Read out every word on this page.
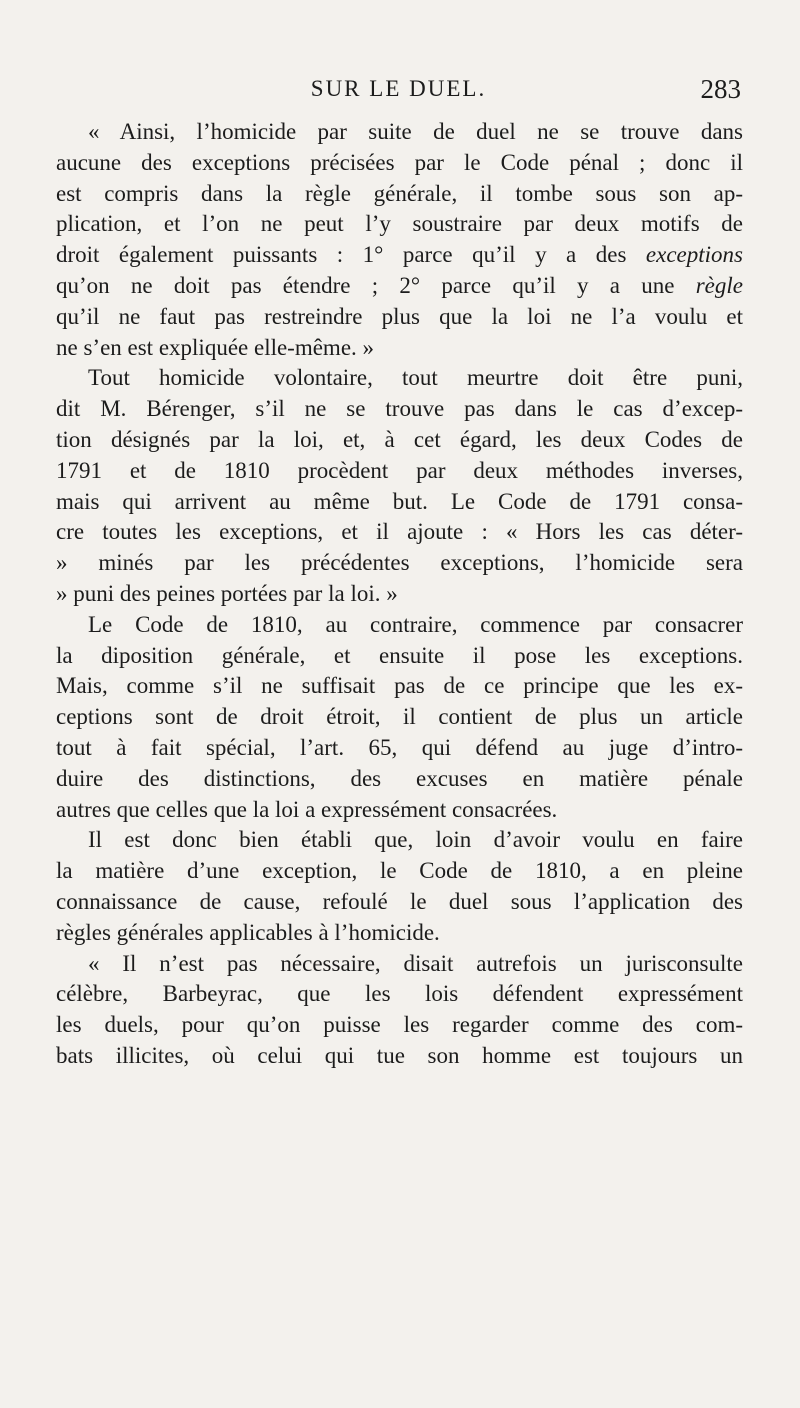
SUR LE DUEL.	283
« Ainsi, l’homicide par suite de duel ne se trouve dans
aucune des exceptions précisées par le Code pénal ; donc il
est compris dans la règle générale, il tombe sous son ap-
plication, et l’on ne peut l’y soustraire par deux motifs de
droit également puissants : 1° parce qu’il y a des exceptions
qu’on ne doit pas étendre ; 2° parce qu’il y a une règle
qu’il ne faut pas restreindre plus que la loi ne l’a voulu et
ne s’en est expliquée elle-même. »
Tout homicide volontaire, tout meurtre doit être puni,
dit M. Bérenger, s’il ne se trouve pas dans le cas d’excep-
tion désignés par la loi, et, à cet égard, les deux Codes de
1791 et de 1810 procèdent par deux méthodes inverses,
mais qui arrivent au même but. Le Code de 1791 consa-
cre toutes les exceptions, et il ajoute : « Hors les cas déter-
» minés par les précédentes exceptions, l’homicide sera
» puni des peines portées par la loi. »
Le Code de 1810, au contraire, commence par consacrer
la diposition générale, et ensuite il pose les exceptions.
Mais, comme s’il ne suffisait pas de ce principe que les ex-
ceptions sont de droit étroit, il contient de plus un article
tout à fait spécial, l’art. 65, qui défend au juge d’intro-
duire des distinctions, des excuses en matière pénale
autres que celles que la loi a expressément consacrées.
Il est donc bien établi que, loin d’avoir voulu en faire
la matière d’une exception, le Code de 1810, a en pleine
connaissance de cause, refoulé le duel sous l’application des
règles générales applicables à l’homicide.
« Il n’est pas nécessaire, disait autrefois un jurisconsulte
célèbre, Barbeyrac, que les lois défendent expressément
les duels, pour qu’on puisse les regarder comme des com-
bats illicites, où celui qui tue son homme est toujours un
